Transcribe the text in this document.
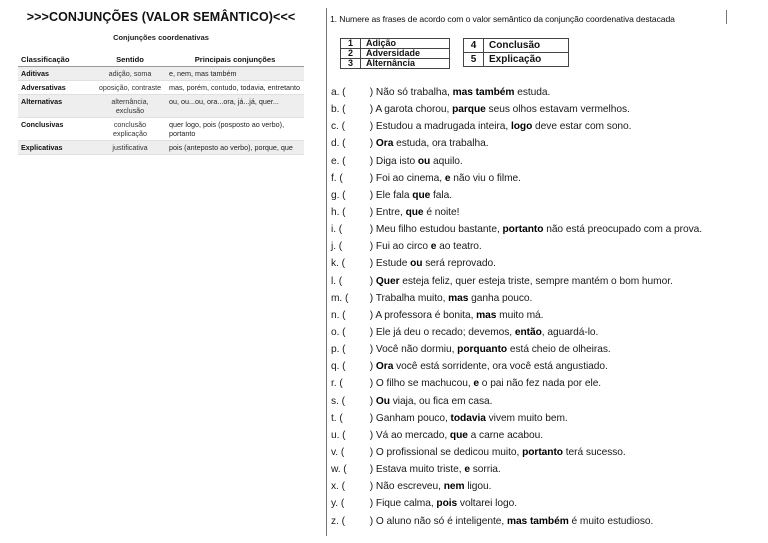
>>>CONJUNÇÕES (VALOR SEMÂNTICO)<<<
Conjunções coordenativas
Classificação	Sentido	Principais conjunções
Aditivas	adição, soma	e, nem, mas também
Adversativas	oposição, contraste	mas, porém, contudo, todavia, entretanto
Alternativas	alternância, exclusão	ou, ou...ou, ora...ora, já...já, quer...
Conclusivas	conclusão explicação	quer logo, pois (posposto ao verbo), portanto
Explicativas	justificativa	pois (anteposto ao verbo), porque, que
1. Numere as frases de acordo com o valor semântico da conjunção coordenativa destacada
1	Adição
2	Adversidade
3	Alternância
4	Conclusão
5	Explicação
a. ( ) Não só trabalha, mas também estuda.
b. ( ) A garota chorou, parque seus olhos estavam vermelhos.
c. ( ) Estudou a madrugada inteira, logo deve estar com sono.
d. ( ) Ora estuda, ora trabalha.
e. ( ) Diga isto ou aquilo.
f. ( ) Foi ao cinema, e não viu o filme.
g. ( ) Ele fala que fala.
h. ( ) Entre, que é noite!
i. ( ) Meu filho estudou bastante, portanto não está preocupado com a prova.
j. ( ) Fui ao circo e ao teatro.
k. ( ) Estude ou será reprovado.
l. ( ) Quer esteja feliz, quer esteja triste, sempre mantém o bom humor.
m. ( ) Trabalha muito, mas ganha pouco.
n. ( ) A professora é bonita, mas muito má.
o. ( ) Ele já deu o recado; devemos, então, aguardá-lo.
p. ( ) Você não dormiu, porquanto está cheio de olheiras.
q. ( ) Ora você está sorridente, ora você está angustiado.
r. ( ) O filho se machucou, e o pai não fez nada por ele.
s. ( ) Ou viaja, ou fica em casa.
t. ( ) Ganham pouco, todavia vivem muito bem.
u. ( ) Vá ao mercado, que a carne acabou.
v. ( ) O profissional se dedicou muito, portanto terá sucesso.
w. ( ) Estava muito triste, e sorria.
x. ( ) Não escreveu, nem ligou.
y. ( ) Fique calma, pois voltarei logo.
z. ( ) O aluno não só é inteligente, mas também é muito estudioso.
